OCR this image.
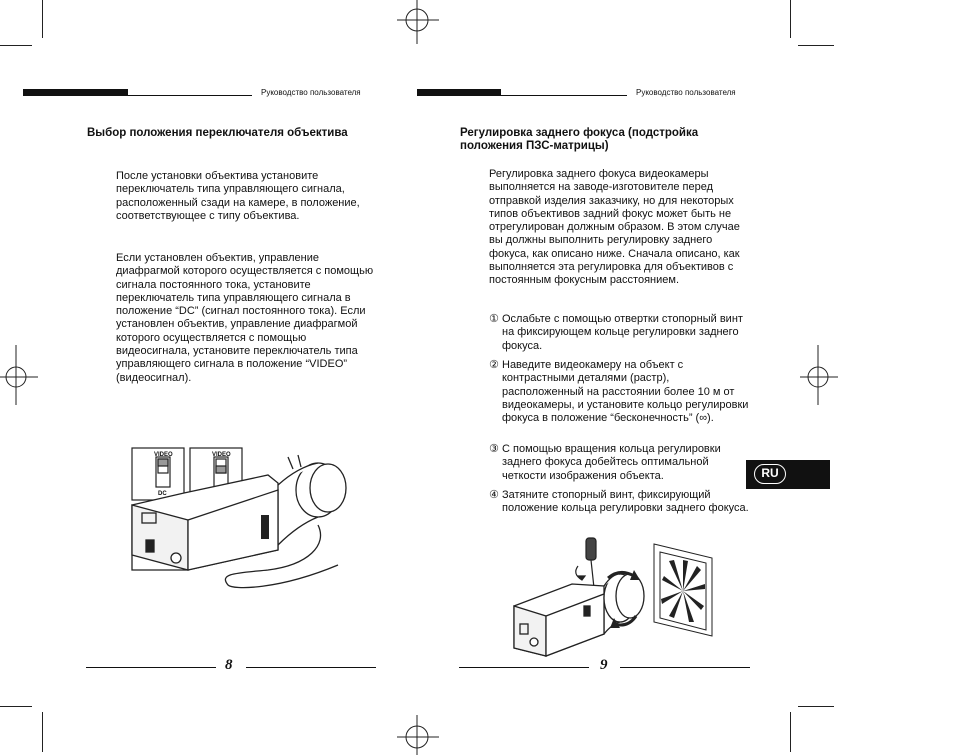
Руководство пользователя
Выбор положения переключателя объектива

После установки объектива установите переключатель типа управляющего сигнала, расположенный сзади на камере, в положение, соответствующее с типу объектива.

Если установлен объектив, управление диафрагмой которого осуществляется с помощью сигнала постоянного тока, установите переключатель типа управляющего сигнала в положение “DC” (сигнал постоянного тока). Если установлен объектив, управление диафрагмой которого осуществляется с помощью видеосигнала, установите переключатель типа управляющего сигнала в положение “VIDEO” (видеосигнал).

VIDEO
DC
VIDEO
8
Руководство пользователя
Регулировка заднего фокуса (подстройка положения ПЗС-матрицы)

Регулировка заднего фокуса видеокамеры выполняется на заводе-изготовителе перед отправкой изделия заказчику, но для некоторых типов объективов задний фокус может быть не отрегулирован должным образом. В этом случае вы должны выполнить регулировку заднего фокуса, как описано ниже. Сначала описано, как выполняется эта регулировка для объективов с постоянным фокусным расстоянием.

① Ослабьте с помощью отвертки стопорный винт на фиксирующем кольце регулировки заднего фокуса.
② Наведите видеокамеру на объект с контрастными деталями (растр), расположенный на расстоянии более 10 м от видеокамеры, и установите кольцо регулировки фокуса в положение “бесконечность” (∞).
③ С помощью вращения кольца регулировки заднего фокуса добейтесь оптимальной четкости изображения объекта.
④ Затяните стопорный винт, фиксирующий положение кольца регулировки заднего фокуса.
RU
9
